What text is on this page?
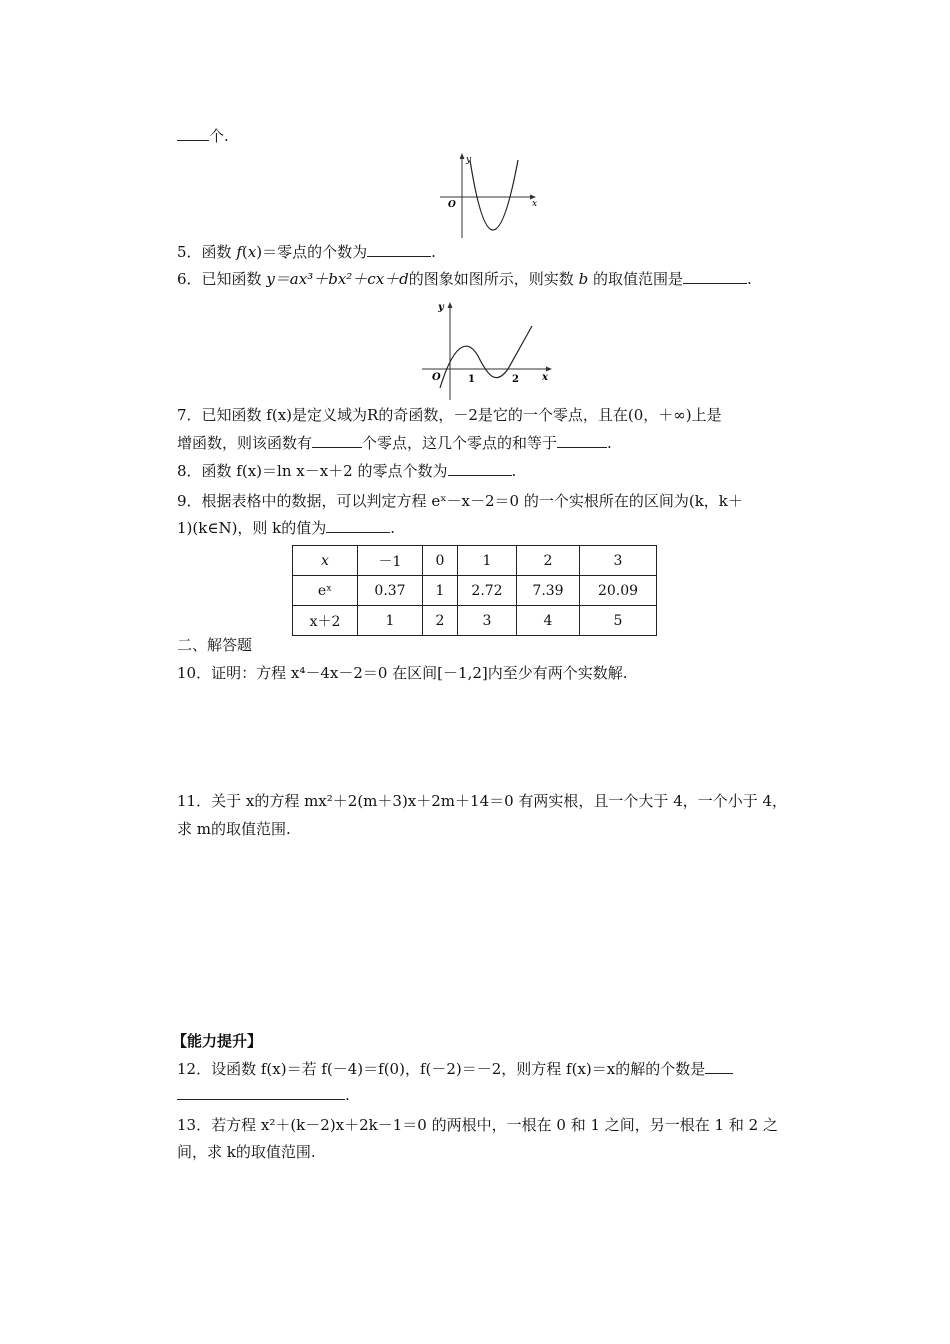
个.
y
x
O
5．函数 f(x)＝零点的个数为	.
6．已知函数 y＝ax³＋bx²＋cx＋d的图象如图所示，则实数 b 的取值范围是	.
y
x
O	1	2
7．已知函数 f(x)是定义域为R的奇函数，－2是它的一个零点，且在(0，＋∞)上是
增函数，则该函数有	个零点，这几个零点的和等于	.
8．函数 f(x)＝ln x－x＋2 的零点个数为	.
9．根据表格中的数据，可以判定方程 eˣ－x－2＝0 的一个实根所在的区间为(k，k＋
1)(k∈N)，则 k的值为	.
x	－1	0	1	2	3
eˣ	0.37	1	2.72	7.39	20.09
x＋2	1	2	3	4	5
二、解答题
10．证明：方程 x⁴－4x－2＝0 在区间[－1,2]内至少有两个实数解.
11．关于 x的方程 mx²＋2(m＋3)x＋2m＋14＝0 有两实根，且一个大于 4，一个小于 4，
求 m的取值范围.
【能力提升】
12．设函数 f(x)＝若 f(－4)＝f(0)，f(－2)＝－2，则方程 f(x)＝x的解的个数是
.
13．若方程 x²＋(k－2)x＋2k－1＝0 的两根中，一根在 0 和 1 之间，另一根在 1 和 2 之
间，求 k的取值范围.
